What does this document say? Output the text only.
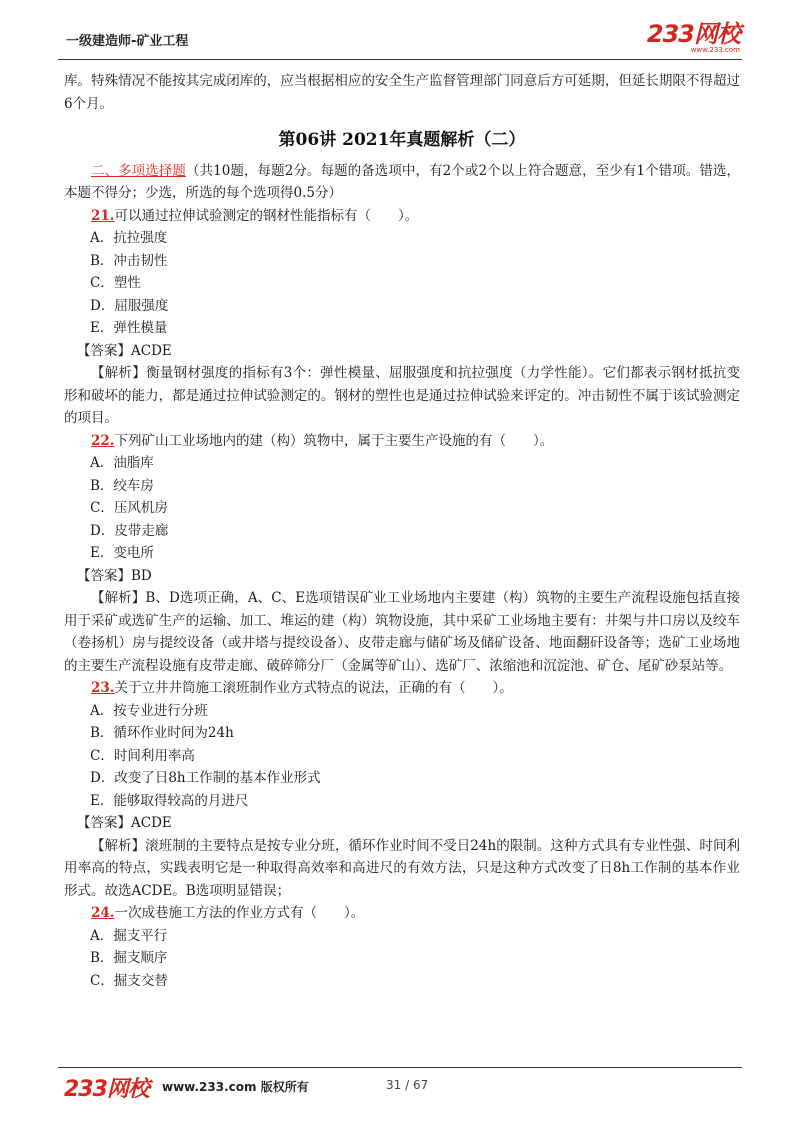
一级建造师-矿业工程	233网校
www.233.com

库。特殊情况不能按其完成闭库的，应当根据相应的安全生产监督管理部门同意后方可延期，但延长期限不得超过6个月。

第06讲 2021年真题解析（二）

二、多项选择题（共10题，每题2分。每题的备选项中，有2个或2个以上符合题意，至少有1个错项。错选，本题不得分；少选，所选的每个选项得0.5分）

21.可以通过拉伸试验测定的钢材性能指标有（　　）。

A．抗拉强度
B．冲击韧性
C．塑性
D．屈服强度
E．弹性模量
【答案】ACDE

【解析】衡量钢材强度的指标有3个：弹性模量、屈服强度和抗拉强度（力学性能）。它们都表示钢材抵抗变形和破坏的能力，都是通过拉伸试验测定的。钢材的塑性也是通过拉伸试验来评定的。冲击韧性不属于该试验测定的项目。

22.下列矿山工业场地内的建（构）筑物中，属于主要生产设施的有（　　）。

A．油脂库
B．绞车房
C．压风机房
D．皮带走廊
E．变电所
【答案】BD

【解析】B、D选项正确，A、C、E选项错误矿业工业场地内主要建（构）筑物的主要生产流程设施包括直接用于采矿或选矿生产的运输、加工、堆运的建（构）筑物设施，其中采矿工业场地主要有：井架与井口房以及绞车（卷扬机）房与提绞设备（或井塔与提绞设备）、皮带走廊与储矿场及储矿设备、地面翻矸设备等；选矿工业场地的主要生产流程设施有皮带走廊、破碎筛分厂（金属等矿山）、选矿厂、浓缩池和沉淀池、矿仓、尾矿砂泵站等。

23.关于立井井筒施工滚班制作业方式特点的说法，正确的有（　　）。

A．按专业进行分班
B．循环作业时间为24h
C．时间利用率高
D．改变了日8h工作制的基本作业形式
E．能够取得较高的月进尺
【答案】ACDE

【解析】滚班制的主要特点是按专业分班，循环作业时间不受日24h的限制。这种方式具有专业性强、时间利用率高的特点，实践表明它是一种取得高效率和高进尺的有效方法，只是这种方式改变了日8h工作制的基本作业形式。故选ACDE。B选项明显错误；

24.一次成巷施工方法的作业方式有（　　）。

A．掘支平行
B．掘支顺序
C．掘支交替
233网校 www.233.com 版权所有	31 / 67
